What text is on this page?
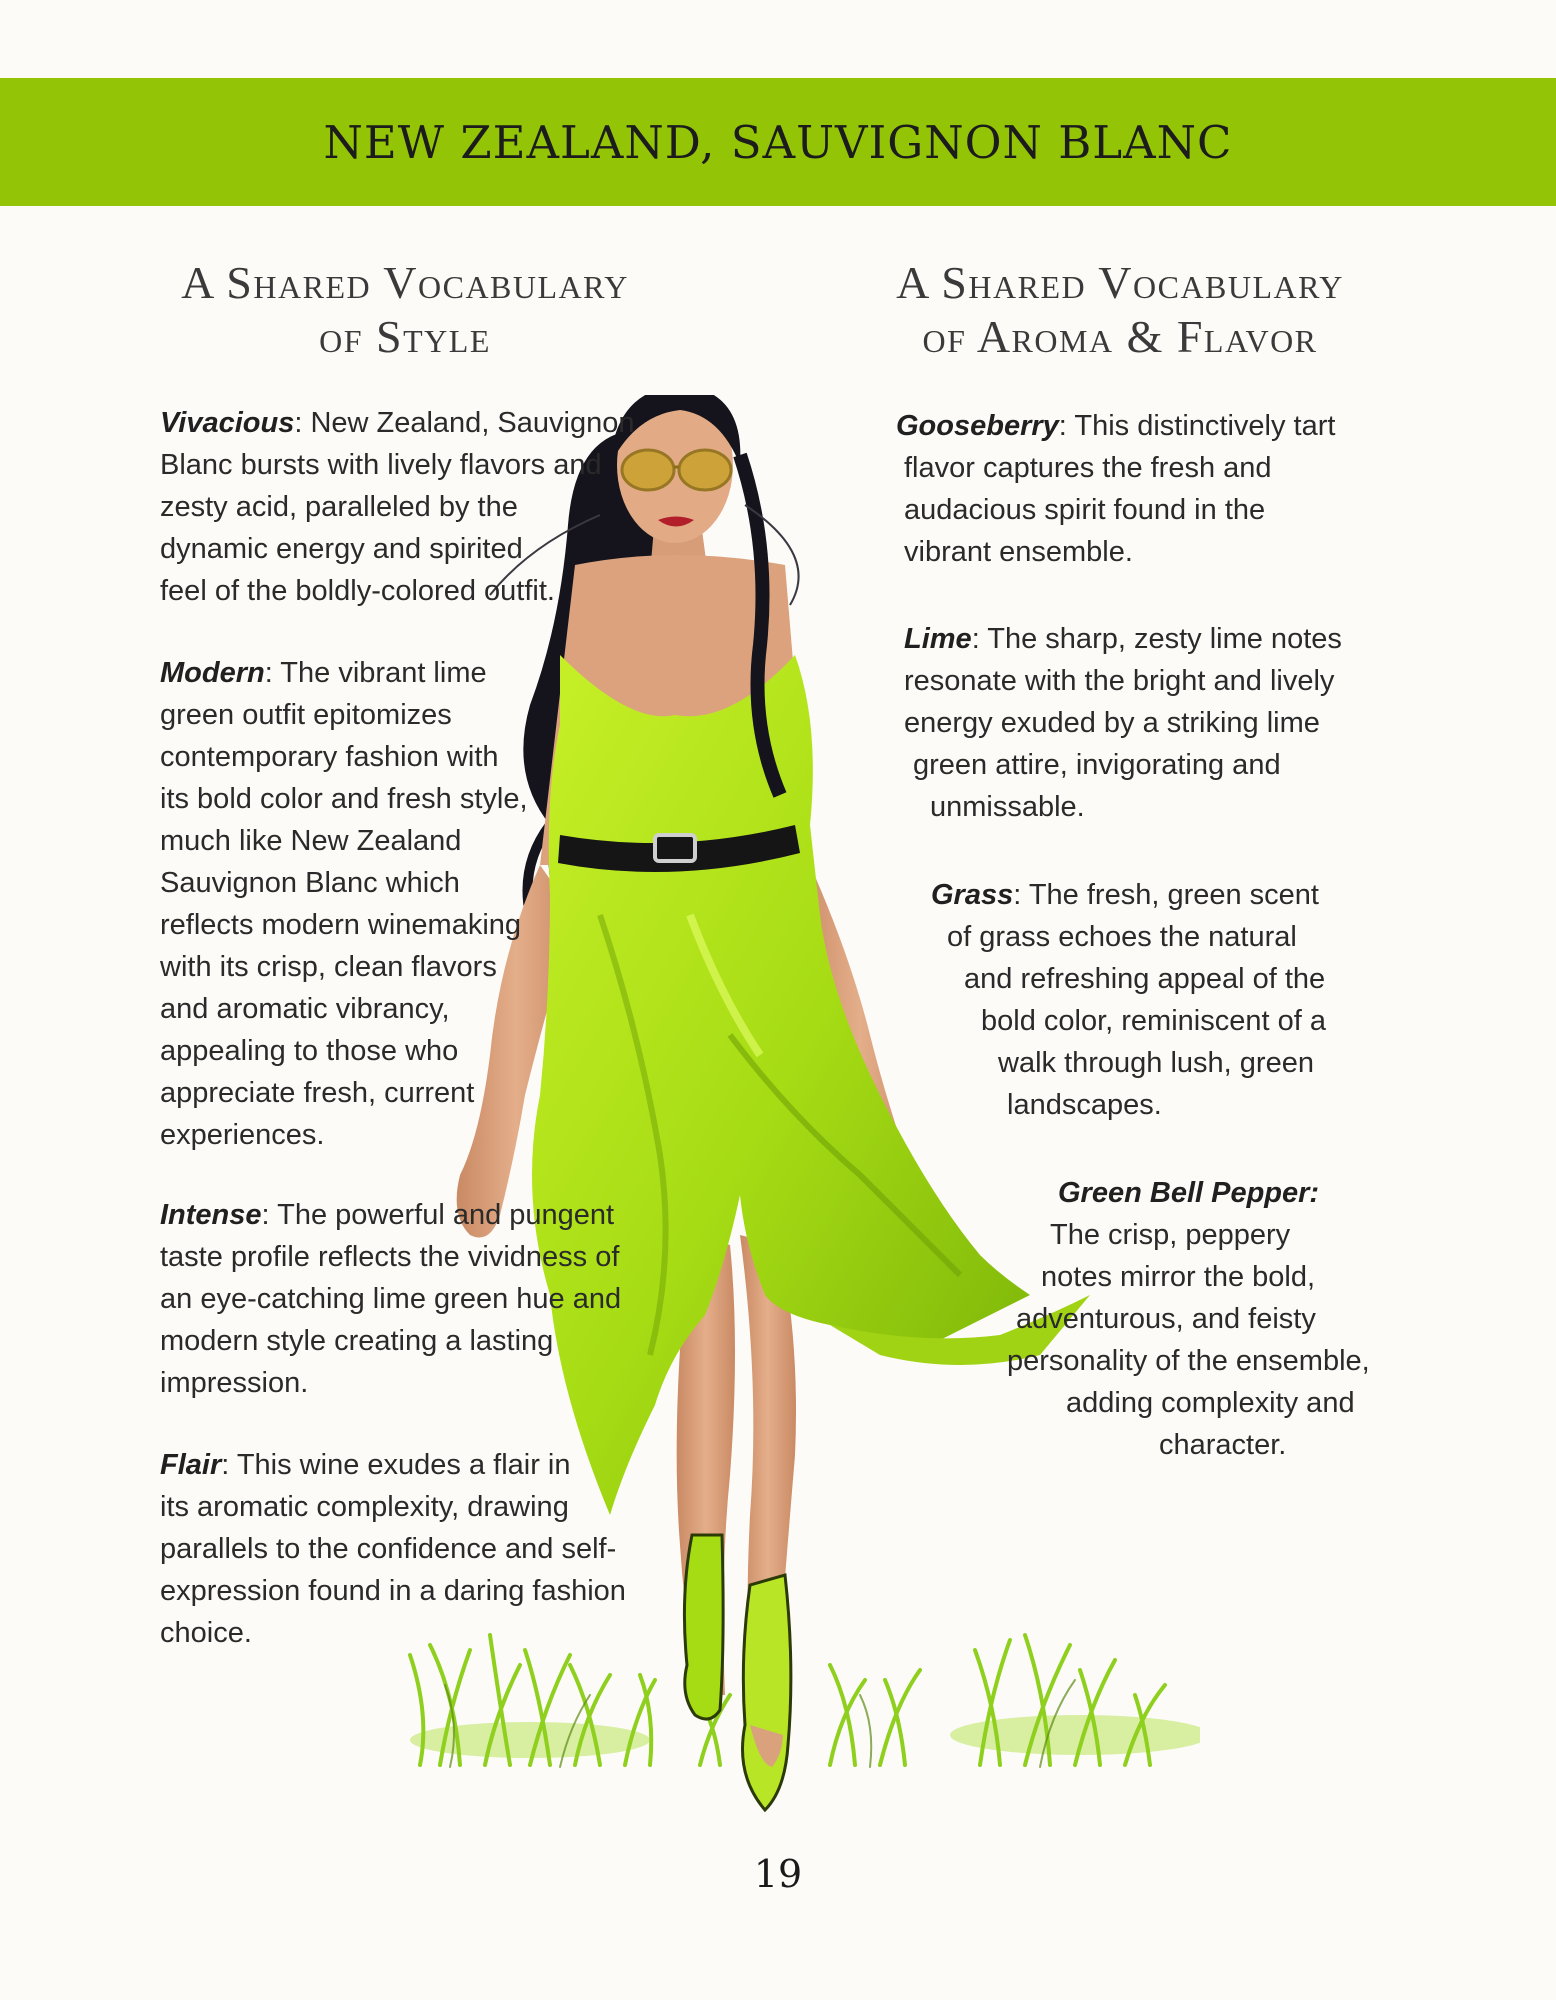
NEW ZEALAND, SAUVIGNON BLANC
A Shared Vocabulary
of Style
A Shared Vocabulary
of Aroma & Flavor
Vivacious: New Zealand, Sauvignon
Blanc bursts with lively flavors and
zesty acid, paralleled by the
dynamic energy and spirited
feel of the boldly-colored outfit.
Modern: The vibrant lime
green outfit epitomizes
contemporary fashion with
its bold color and fresh style,
much like New Zealand
Sauvignon Blanc which
reflects modern winemaking
with its crisp, clean flavors
and aromatic vibrancy,
appealing to those who
appreciate fresh, current
experiences.
Intense: The powerful and pungent
taste profile reflects the vividness of
an eye-catching lime green hue and
modern style creating a lasting
impression.
Flair: This wine exudes a flair in
its aromatic complexity, drawing
parallels to the confidence and self-
expression found in a daring fashion
choice.
Gooseberry: This distinctively tart
flavor captures the fresh and
audacious spirit found in the
vibrant ensemble.
Lime: The sharp, zesty lime notes
resonate with the bright and lively
energy exuded by a striking lime
green attire, invigorating and
unmissable.
Grass: The fresh, green scent
of grass echoes the natural
and refreshing appeal of the
bold color, reminiscent of a
walk through lush, green
landscapes.
Green Bell Pepper:
The crisp, peppery
notes mirror the bold,
adventurous, and feisty
personality of the ensemble,
adding complexity and
character.
19
